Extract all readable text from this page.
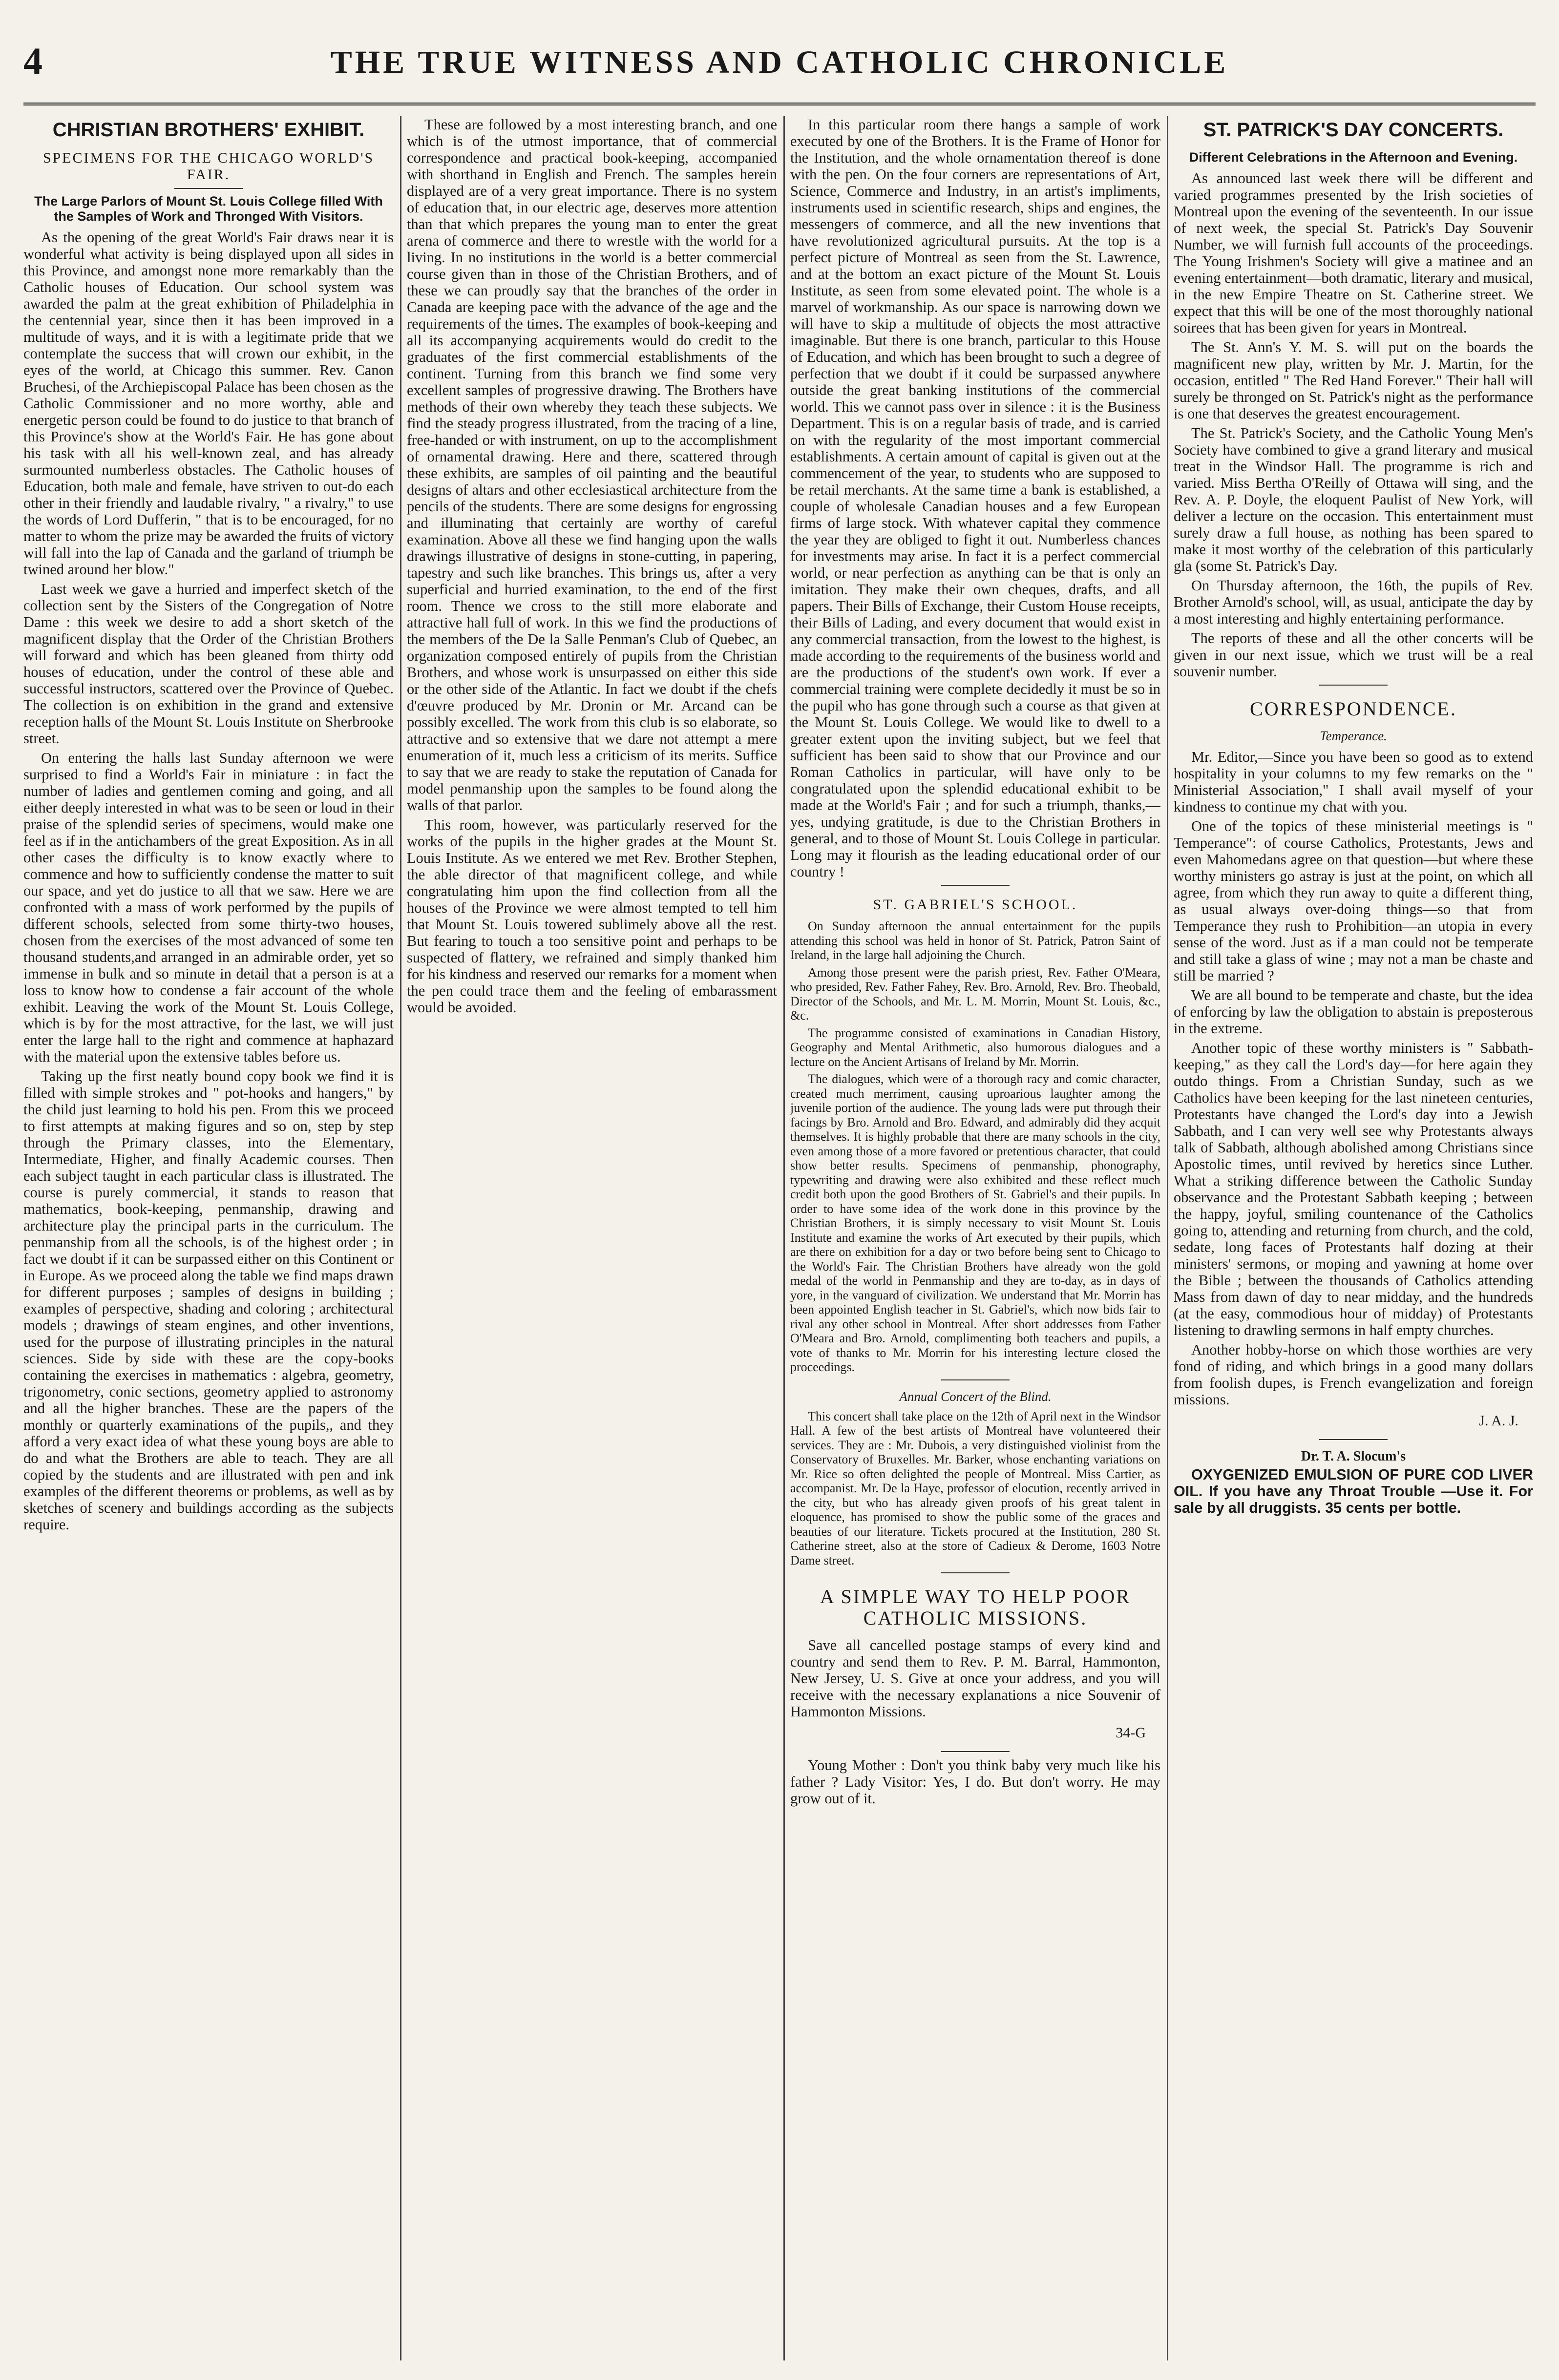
4	THE TRUE WITNESS AND CATHOLIC CHRONICLE
CHRISTIAN BROTHERS' EXHIBIT.
SPECIMENS FOR THE CHICAGO WORLD'S FAIR.
The Large Parlors of Mount St. Louis College filled With the Samples of Work and Thronged With Visitors.

As the opening of the great World's Fair draws near it is wonderful what activity is being displayed upon all sides in this Province, and amongst none more remarkably than the Catholic houses of Education. Our school system was awarded the palm at the great exhibition of Philadelphia in the centennial year, since then it has been improved in a multitude of ways, and it is with a legitimate pride that we contemplate the success that will crown our exhibit, in the eyes of the world, at Chicago this summer. Rev. Canon Bruchesi, of the Archiepiscopal Palace has been chosen as the Catholic Commissioner and no more worthy, able and energetic person could be found to do justice to that branch of this Province's show at the World's Fair. He has gone about his task with all his well-known zeal, and has already surmounted numberless obstacles. The Catholic houses of Education, both male and female, have striven to out-do each other in their friendly and laudable rivalry, " a rivalry," to use the words of Lord Dufferin, " that is to be encouraged, for no matter to whom the prize may be awarded the fruits of victory will fall into the lap of Canada and the garland of triumph be twined around her blow."

Last week we gave a hurried and imperfect sketch of the collection sent by the Sisters of the Congregation of Notre Dame : this week we desire to add a short sketch of the magnificent display that the Order of the Christian Brothers will forward and which has been gleaned from thirty odd houses of education, under the control of these able and successful instructors, scattered over the Province of Quebec. The collection is on exhibition in the grand and extensive reception halls of the Mount St. Louis Institute on Sherbrooke street.

On entering the halls last Sunday afternoon we were surprised to find a World's Fair in miniature : in fact the number of ladies and gentlemen coming and going, and all either deeply interested in what was to be seen or loud in their praise of the splendid series of specimens, would make one feel as if in the antichambers of the great Exposition. As in all other cases the difficulty is to know exactly where to commence and how to sufficiently condense the matter to suit our space, and yet do justice to all that we saw. Here we are confronted with a mass of work performed by the pupils of different schools, selected from some thirty-two houses, chosen from the exercises of the most advanced of some ten thousand students,and arranged in an admirable order, yet so immense in bulk and so minute in detail that a person is at a loss to know how to condense a fair account of the whole exhibit. Leaving the work of the Mount St. Louis College, which is by for the most attractive, for the last, we will just enter the large hall to the right and commence at haphazard with the material upon the extensive tables before us.

Taking up the first neatly bound copy book we find it is filled with simple strokes and " pot-hooks and hangers," by the child just learning to hold his pen. From this we proceed to first attempts at making figures and so on, step by step through the Primary classes, into the Elementary, Intermediate, Higher, and finally Academic courses. Then each subject taught in each particular class is illustrated. The course is purely commercial, it stands to reason that mathematics, book-keeping, penmanship, drawing and architecture play the principal parts in the curriculum. The penmanship from all the schools, is of the highest order ; in fact we doubt if it can be surpassed either on this Continent or in Europe. As we proceed along the table we find maps drawn for different purposes ; samples of designs in building ; examples of perspective, shading and coloring ; architectural models ; drawings of steam engines, and other inventions, used for the purpose of illustrating principles in the natural sciences. Side by side with these are the copy-books containing the exercises in mathematics : algebra, geometry, trigonometry, conic sections, geometry applied to astronomy and all the higher branches. These are the papers of the monthly or quarterly examinations of the pupils,, and they afford a very exact idea of what these young boys are able to do and what the Brothers are able to teach. They are all copied by the students and are illustrated with pen and ink examples of the different theorems or problems, as well as by sketches of scenery and buildings according as the subjects require.

These are followed by a most interesting branch, and one which is of the utmost importance, that of commercial correspondence and practical book-keeping, accompanied with shorthand in English and French. The samples herein displayed are of a very great importance. There is no system of education that, in our electric age, deserves more attention than that which prepares the young man to enter the great arena of commerce and there to wrestle with the world for a living. In no institutions in the world is a better commercial course given than in those of the Christian Brothers, and of these we can proudly say that the branches of the order in Canada are keeping pace with the advance of the age and the requirements of the times. The examples of book-keeping and all its accompanying acquirements would do credit to the graduates of the first commercial establishments of the continent. Turning from this branch we find some very excellent samples of progressive drawing. The Brothers have methods of their own whereby they teach these subjects. We find the steady progress illustrated, from the tracing of a line, free-handed or with instrument, on up to the accomplishment of ornamental drawing. Here and there, scattered through these exhibits, are samples of oil painting and the beautiful designs of altars and other ecclesiastical architecture from the pencils of the students. There are some designs for engrossing and illuminating that certainly are worthy of careful examination. Above all these we find hanging upon the walls drawings illustrative of designs in stone-cutting, in papering, tapestry and such like branches. This brings us, after a very superficial and hurried examination, to the end of the first room. Thence we cross to the still more elaborate and attractive hall full of work. In this we find the productions of the members of the De la Salle Penman's Club of Quebec, an organization composed entirely of pupils from the Christian Brothers, and whose work is unsurpassed on either this side or the other side of the Atlantic. In fact we doubt if the chefs d'œuvre produced by Mr. Dronin or Mr. Arcand can be possibly excelled. The work from this club is so elaborate, so attractive and so extensive that we dare not attempt a mere enumeration of it, much less a criticism of its merits. Suffice to say that we are ready to stake the reputation of Canada for model penmanship upon the samples to be found along the walls of that parlor.

This room, however, was particularly reserved for the works of the pupils in the higher grades at the Mount St. Louis Institute. As we entered we met Rev. Brother Stephen, the able director of that magnificent college, and while congratulating him upon the find collection from all the houses of the Province we were almost tempted to tell him that Mount St. Louis towered sublimely above all the rest. But fearing to touch a too sensitive point and perhaps to be suspected of flattery, we refrained and simply thanked him for his kindness and reserved our remarks for a moment when the pen could trace them and the feeling of embarassment would be avoided.

In this particular room there hangs a sample of work executed by one of the Brothers. It is the Frame of Honor for the Institution, and the whole ornamentation thereof is done with the pen. On the four corners are representations of Art, Science, Commerce and Industry, in an artist's impliments, instruments used in scientific research, ships and engines, the messengers of commerce, and all the new inventions that have revolutionized agricultural pursuits. At the top is a perfect picture of Montreal as seen from the St. Lawrence, and at the bottom an exact picture of the Mount St. Louis Institute, as seen from some elevated point. The whole is a marvel of workmanship. As our space is narrowing down we will have to skip a multitude of objects the most attractive imaginable. But there is one branch, particular to this House of Education, and which has been brought to such a degree of perfection that we doubt if it could be surpassed anywhere outside the great banking institutions of the commercial world. This we cannot pass over in silence : it is the Business Department. This is on a regular basis of trade, and is carried on with the regularity of the most important commercial establishments. A certain amount of capital is given out at the commencement of the year, to students who are supposed to be retail merchants. At the same time a bank is established, a couple of wholesale Canadian houses and a few European firms of large stock. With whatever capital they commence the year they are obliged to fight it out. Numberless chances for investments may arise. In fact it is a perfect commercial world, or near perfection as anything can be that is only an imitation. They make their own cheques, drafts, and all papers. Their Bills of Exchange, their Custom House receipts, their Bills of Lading, and every document that would exist in any commercial transaction, from the lowest to the highest, is made according to the requirements of the business world and are the productions of the student's own work. If ever a commercial training were complete decidedly it must be so in the pupil who has gone through such a course as that given at the Mount St. Louis College. We would like to dwell to a greater extent upon the inviting subject, but we feel that sufficient has been said to show that our Province and our Roman Catholics in particular, will have only to be congratulated upon the splendid educational exhibit to be made at the World's Fair ; and for such a triumph, thanks,—yes, undying gratitude, is due to the Christian Brothers in general, and to those of Mount St. Louis College in particular. Long may it flourish as the leading educational order of our country !

ST. GABRIEL'S SCHOOL.

On Sunday afternoon the annual entertainment for the pupils attending this school was held in honor of St. Patrick, Patron Saint of Ireland, in the large hall adjoining the Church.

Among those present were the parish priest, Rev. Father O'Meara, who presided, Rev. Father Fahey, Rev. Bro. Arnold, Rev. Bro. Theobald, Director of the Schools, and Mr. L. M. Morrin, Mount St. Louis, &c., &c.

The programme consisted of examinations in Canadian History, Geography and Mental Arithmetic, also humorous dialogues and a lecture on the Ancient Artisans of Ireland by Mr. Morrin.

The dialogues, which were of a thorough racy and comic character, created much merriment, causing uproarious laughter among the juvenile portion of the audience. The young lads were put through their facings by Bro. Arnold and Bro. Edward, and admirably did they acquit themselves. It is highly probable that there are many schools in the city, even among those of a more favored or pretentious character, that could show better results. Specimens of penmanship, phonography, typewriting and drawing were also exhibited and these reflect much credit both upon the good Brothers of St. Gabriel's and their pupils. In order to have some idea of the work done in this province by the Christian Brothers, it is simply necessary to visit Mount St. Louis Institute and examine the works of Art executed by their pupils, which are there on exhibition for a day or two before being sent to Chicago to the World's Fair. The Christian Brothers have already won the gold medal of the world in Penmanship and they are to-day, as in days of yore, in the vanguard of civilization. We understand that Mr. Morrin has been appointed English teacher in St. Gabriel's, which now bids fair to rival any other school in Montreal. After short addresses from Father O'Meara and Bro. Arnold, complimenting both teachers and pupils, a vote of thanks to Mr. Morrin for his interesting lecture closed the proceedings.

Annual Concert of the Blind.

This concert shall take place on the 12th of April next in the Windsor Hall. A few of the best artists of Montreal have volunteered their services. They are : Mr. Dubois, a very distinguished violinist from the Conservatory of Bruxelles. Mr. Barker, whose enchanting variations on Mr. Rice so often delighted the people of Montreal. Miss Cartier, as accompanist. Mr. De la Haye, professor of elocution, recently arrived in the city, but who has already given proofs of his great talent in eloquence, has promised to show the public some of the graces and beauties of our literature. Tickets procured at the Institution, 280 St. Catherine street, also at the store of Cadieux & Derome, 1603 Notre Dame street.

A SIMPLE WAY TO HELP POOR CATHOLIC MISSIONS.

Save all cancelled postage stamps of every kind and country and send them to Rev. P. M. Barral, Hammonton, New Jersey, U. S. Give at once your address, and you will receive with the necessary explanations a nice Souvenir of Hammonton Missions.

34-G

Young Mother : Don't you think baby very much like his father ? Lady Visitor: Yes, I do. But don't worry. He may grow out of it.

ST. PATRICK'S DAY CONCERTS.
Different Celebrations in the Afternoon and Evening.

As announced last week there will be different and varied programmes presented by the Irish societies of Montreal upon the evening of the seventeenth. In our issue of next week, the special St. Patrick's Day Souvenir Number, we will furnish full accounts of the proceedings. The Young Irishmen's Society will give a matinee and an evening entertainment—both dramatic, literary and musical, in the new Empire Theatre on St. Catherine street. We expect that this will be one of the most thoroughly national soirees that has been given for years in Montreal.

The St. Ann's Y. M. S. will put on the boards the magnificent new play, written by Mr. J. Martin, for the occasion, entitled " The Red Hand Forever." Their hall will surely be thronged on St. Patrick's night as the performance is one that deserves the greatest encouragement.

The St. Patrick's Society, and the Catholic Young Men's Society have combined to give a grand literary and musical treat in the Windsor Hall. The programme is rich and varied. Miss Bertha O'Reilly of Ottawa will sing, and the Rev. A. P. Doyle, the eloquent Paulist of New York, will deliver a lecture on the occasion. This entertainment must surely draw a full house, as nothing has been spared to make it most worthy of the celebration of this particularly gla (some St. Patrick's Day.

On Thursday afternoon, the 16th, the pupils of Rev. Brother Arnold's school, will, as usual, anticipate the day by a most interesting and highly entertaining performance.

The reports of these and all the other concerts will be given in our next issue, which we trust will be a real souvenir number.

CORRESPONDENCE.
Temperance.

Mr. Editor,—Since you have been so good as to extend hospitality in your columns to my few remarks on the " Ministerial Association," I shall avail myself of your kindness to continue my chat with you.

One of the topics of these ministerial meetings is " Temperance": of course Catholics, Protestants, Jews and even Mahomedans agree on that question—but where these worthy ministers go astray is just at the point, on which all agree, from which they run away to quite a different thing, as usual always over-doing things—so that from Temperance they rush to Prohibition—an utopia in every sense of the word. Just as if a man could not be temperate and still take a glass of wine ; may not a man be chaste and still be married ?

We are all bound to be temperate and chaste, but the idea of enforcing by law the obligation to abstain is preposterous in the extreme.

Another topic of these worthy ministers is " Sabbath-keeping," as they call the Lord's day—for here again they outdo things. From a Christian Sunday, such as we Catholics have been keeping for the last nineteen centuries, Protestants have changed the Lord's day into a Jewish Sabbath, and I can very well see why Protestants always talk of Sabbath, although abolished among Christians since Apostolic times, until revived by heretics since Luther. What a striking difference between the Catholic Sunday observance and the Protestant Sabbath keeping ; between the happy, joyful, smiling countenance of the Catholics going to, attending and returning from church, and the cold, sedate, long faces of Protestants half dozing at their ministers' sermons, or moping and yawning at home over the Bible ; between the thousands of Catholics attending Mass from dawn of day to near midday, and the hundreds (at the easy, commodious hour of midday) of Protestants listening to drawling sermons in half empty churches.

Another hobby-horse on which those worthies are very fond of riding, and which brings in a good many dollars from foolish dupes, is French evangelization and foreign missions.

J. A. J.
Dr. T. A. Slocum's

OXYGENIZED EMULSION OF PURE COD LIVER OIL. If you have any Throat Trouble —Use it. For sale by all druggists. 35 cents per bottle.
